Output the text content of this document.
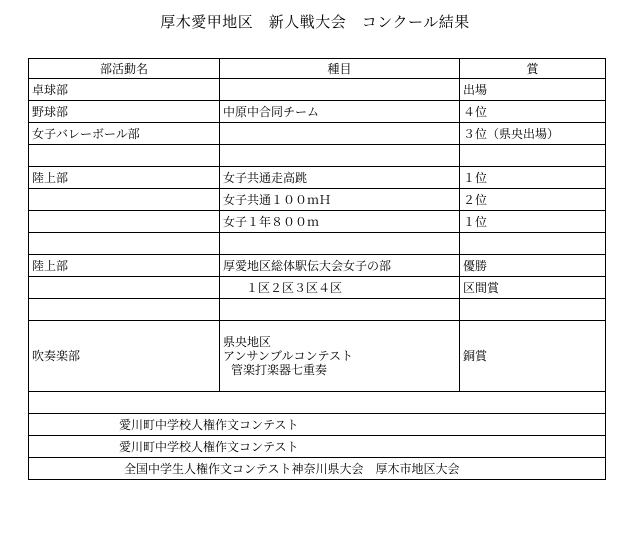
厚木愛甲地区　新人戦大会　コンクール結果
部活動名	種目	賞
卓球部		出場
野球部	中原中合同チーム	４位
女子バレーボール部		３位（県央出場）

陸上部	女子共通走高跳	１位
	女子共通１００ｍＨ	２位
	女子１年８００ｍ	１位

陸上部	厚愛地区総体駅伝大会女子の部	優勝
	１区２区３区４区	区間賞

吹奏楽部	県央地区
アンサンブルコンテスト
管楽打楽器七重奏	銅賞

愛川町中学校人権作文コンテスト		
愛川町中学校人権作文コンテスト		
全国中学生人権作文コンテスト神奈川県大会　厚木市地区大会		
